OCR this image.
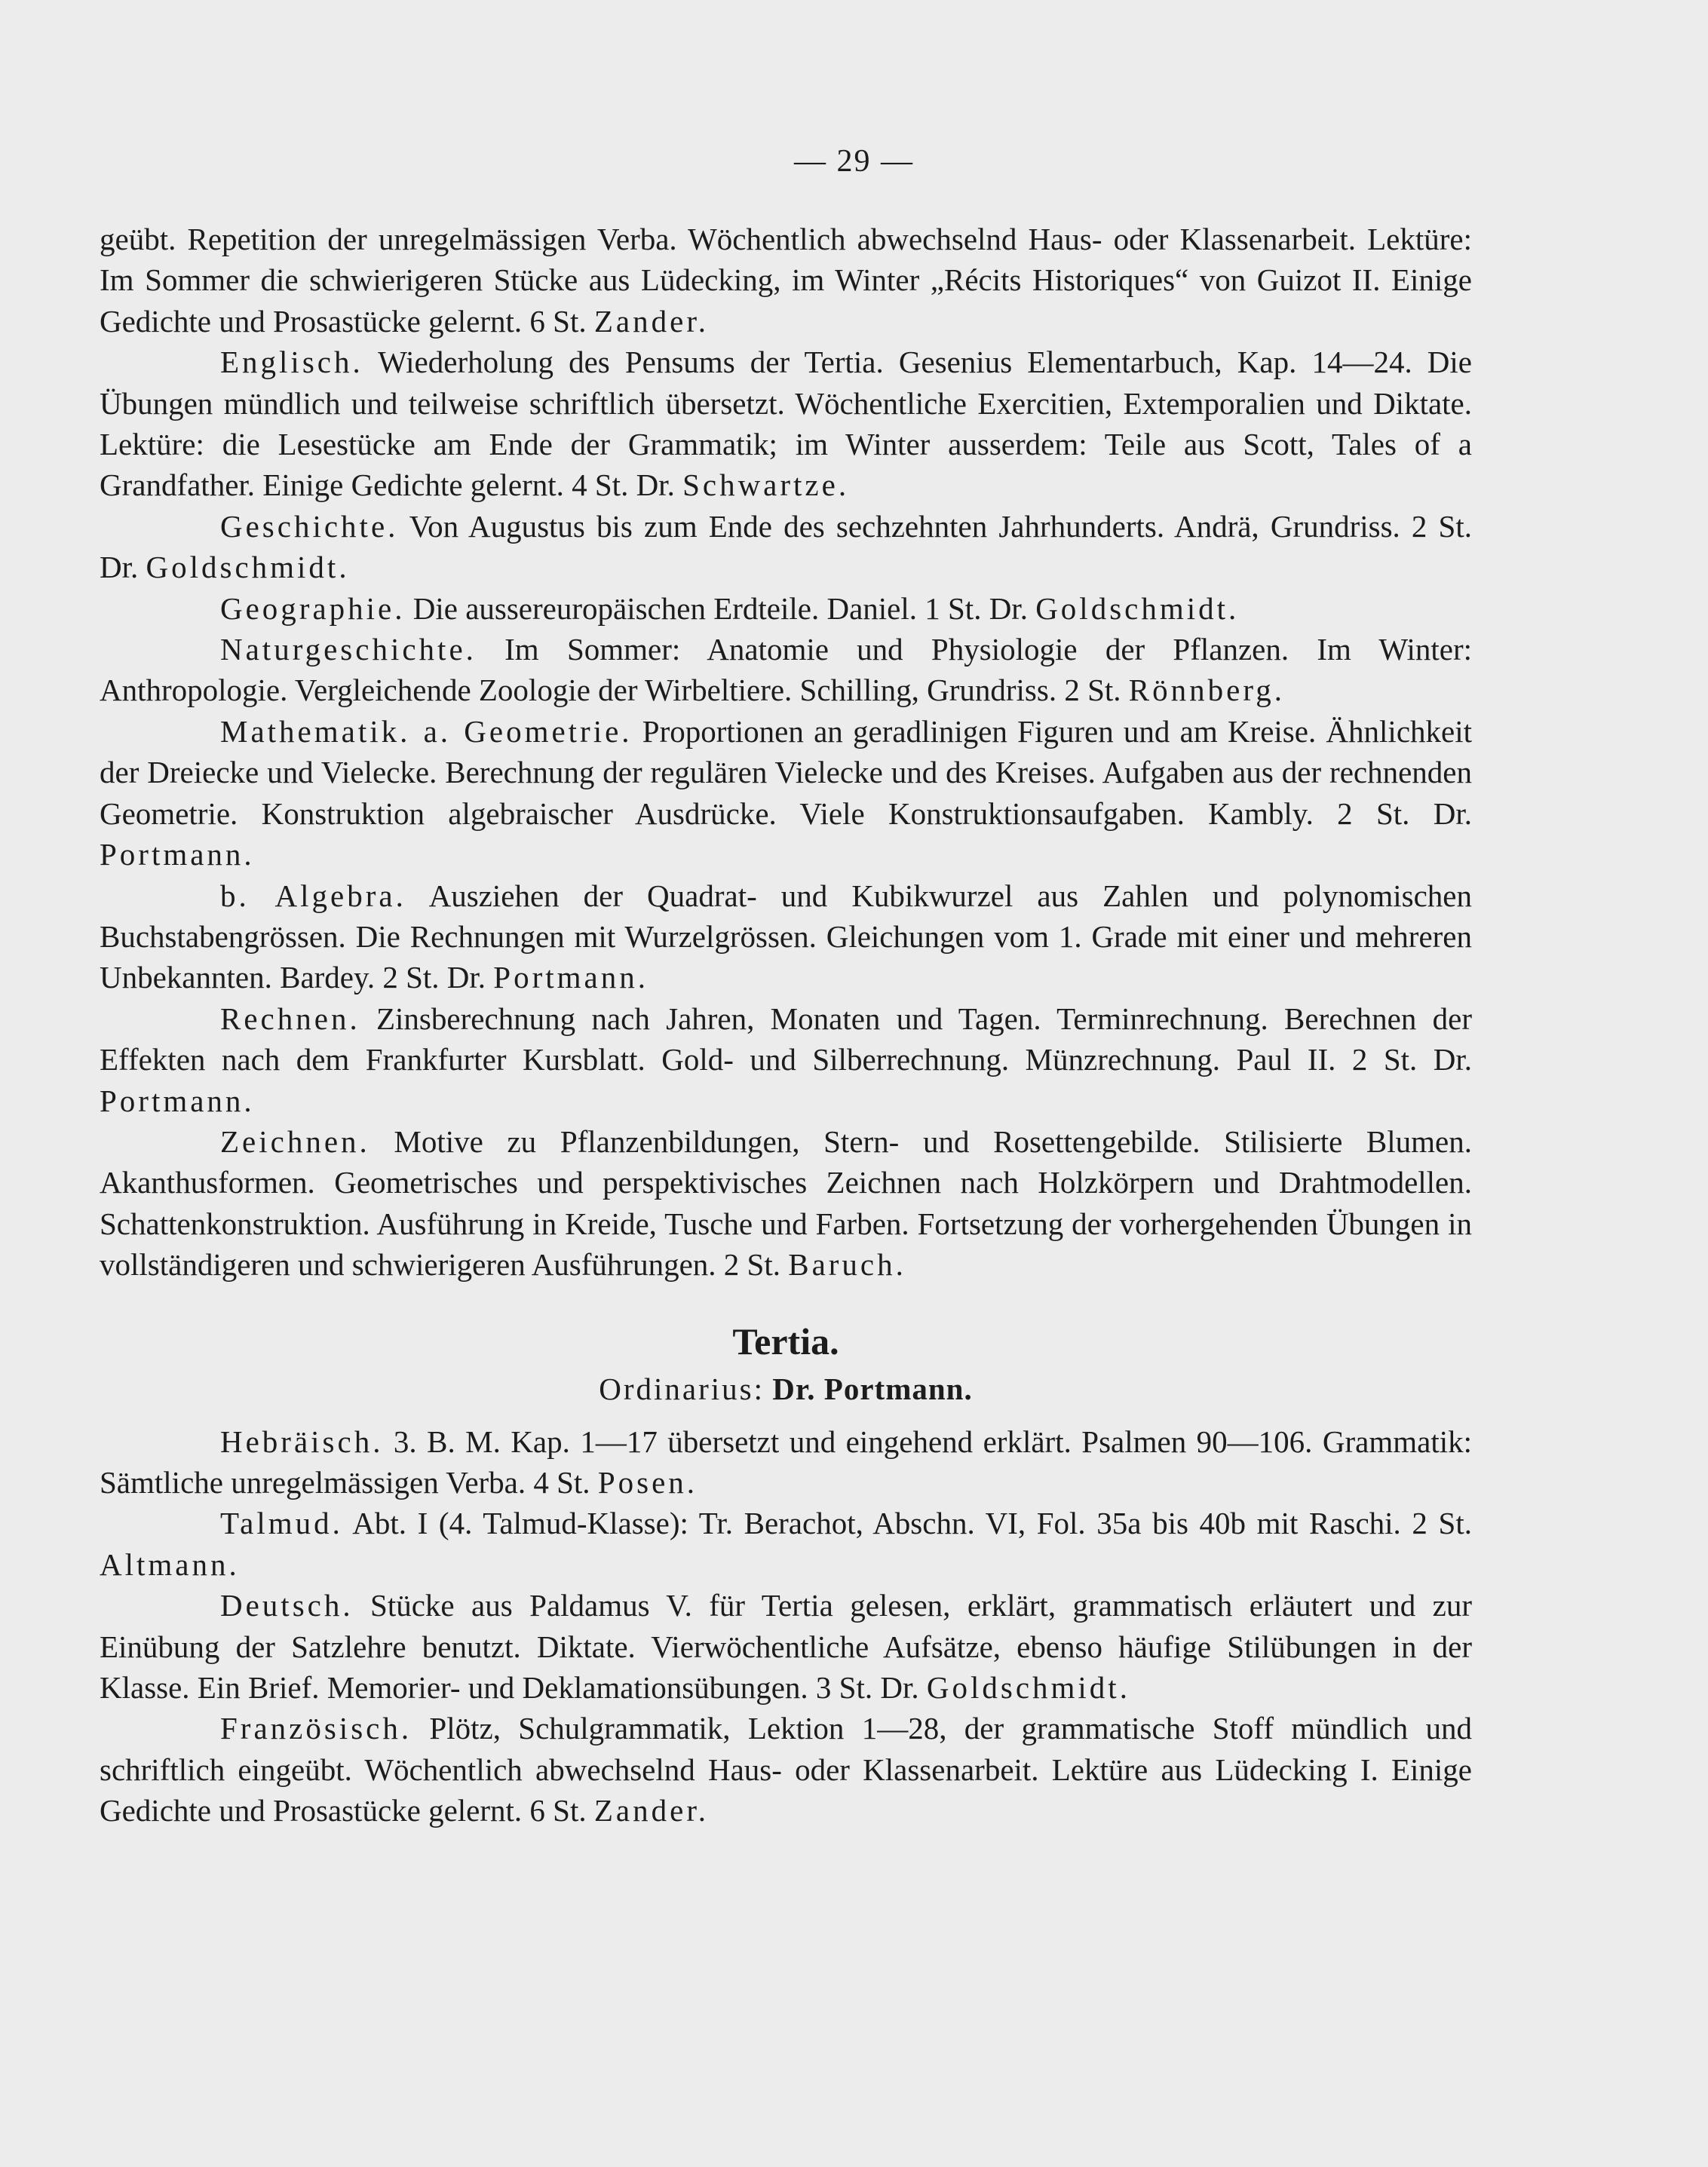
— 29 —

geübt. Repetition der unregelmässigen Verba. Wöchentlich abwechselnd Haus- oder Klassenarbeit. Lektüre: Im Sommer die schwierigeren Stücke aus Lüdecking, im Winter „Récits Historiques“ von Guizot II. Einige Gedichte und Prosastücke gelernt. 6 St. Zander.

Englisch. Wiederholung des Pensums der Tertia. Gesenius Elementarbuch, Kap. 14—24. Die Übungen mündlich und teilweise schriftlich übersetzt. Wöchentliche Exercitien, Extemporalien und Diktate. Lektüre: die Lesestücke am Ende der Grammatik; im Winter ausserdem: Teile aus Scott, Tales of a Grandfather. Einige Gedichte gelernt. 4 St. Dr. Schwartze.

Geschichte. Von Augustus bis zum Ende des sechzehnten Jahrhunderts. Andrä, Grundriss. 2 St. Dr. Goldschmidt.

Geographie. Die aussereuropäischen Erdteile. Daniel. 1 St. Dr. Goldschmidt.

Naturgeschichte. Im Sommer: Anatomie und Physiologie der Pflanzen. Im Winter: Anthropologie. Vergleichende Zoologie der Wirbeltiere. Schilling, Grundriss. 2 St. Rönnberg.

Mathematik. a. Geometrie. Proportionen an geradlinigen Figuren und am Kreise. Ähnlichkeit der Dreiecke und Vielecke. Berechnung der regulären Vielecke und des Kreises. Aufgaben aus der rechnenden Geometrie. Konstruktion algebraischer Ausdrücke. Viele Konstruktionsaufgaben. Kambly. 2 St. Dr. Portmann.

b. Algebra. Ausziehen der Quadrat- und Kubikwurzel aus Zahlen und polynomischen Buchstabengrössen. Die Rechnungen mit Wurzelgrössen. Gleichungen vom 1. Grade mit einer und mehreren Unbekannten. Bardey. 2 St. Dr. Portmann.

Rechnen. Zinsberechnung nach Jahren, Monaten und Tagen. Terminrechnung. Berechnen der Effekten nach dem Frankfurter Kursblatt. Gold- und Silberrechnung. Münzrechnung. Paul II. 2 St. Dr. Portmann.

Zeichnen. Motive zu Pflanzenbildungen, Stern- und Rosettengebilde. Stilisierte Blumen. Akanthusformen. Geometrisches und perspektivisches Zeichnen nach Holzkörpern und Drahtmodellen. Schattenkonstruktion. Ausführung in Kreide, Tusche und Farben. Fortsetzung der vorhergehenden Übungen in vollständigeren und schwierigeren Ausführungen. 2 St. Baruch.

Tertia.
Ordinarius: Dr. Portmann.

Hebräisch. 3. B. M. Kap. 1—17 übersetzt und eingehend erklärt. Psalmen 90—106. Grammatik: Sämtliche unregelmässigen Verba. 4 St. Posen.

Talmud. Abt. I (4. Talmud-Klasse): Tr. Berachot, Abschn. VI, Fol. 35a bis 40b mit Raschi. 2 St. Altmann.

Deutsch. Stücke aus Paldamus V. für Tertia gelesen, erklärt, grammatisch erläutert und zur Einübung der Satzlehre benutzt. Diktate. Vierwöchentliche Aufsätze, ebenso häufige Stilübungen in der Klasse. Ein Brief. Memorier- und Deklamationsübungen. 3 St. Dr. Goldschmidt.

Französisch. Plötz, Schulgrammatik, Lektion 1—28, der grammatische Stoff mündlich und schriftlich eingeübt. Wöchentlich abwechselnd Haus- oder Klassenarbeit. Lektüre aus Lüdecking I. Einige Gedichte und Prosastücke gelernt. 6 St. Zander.
